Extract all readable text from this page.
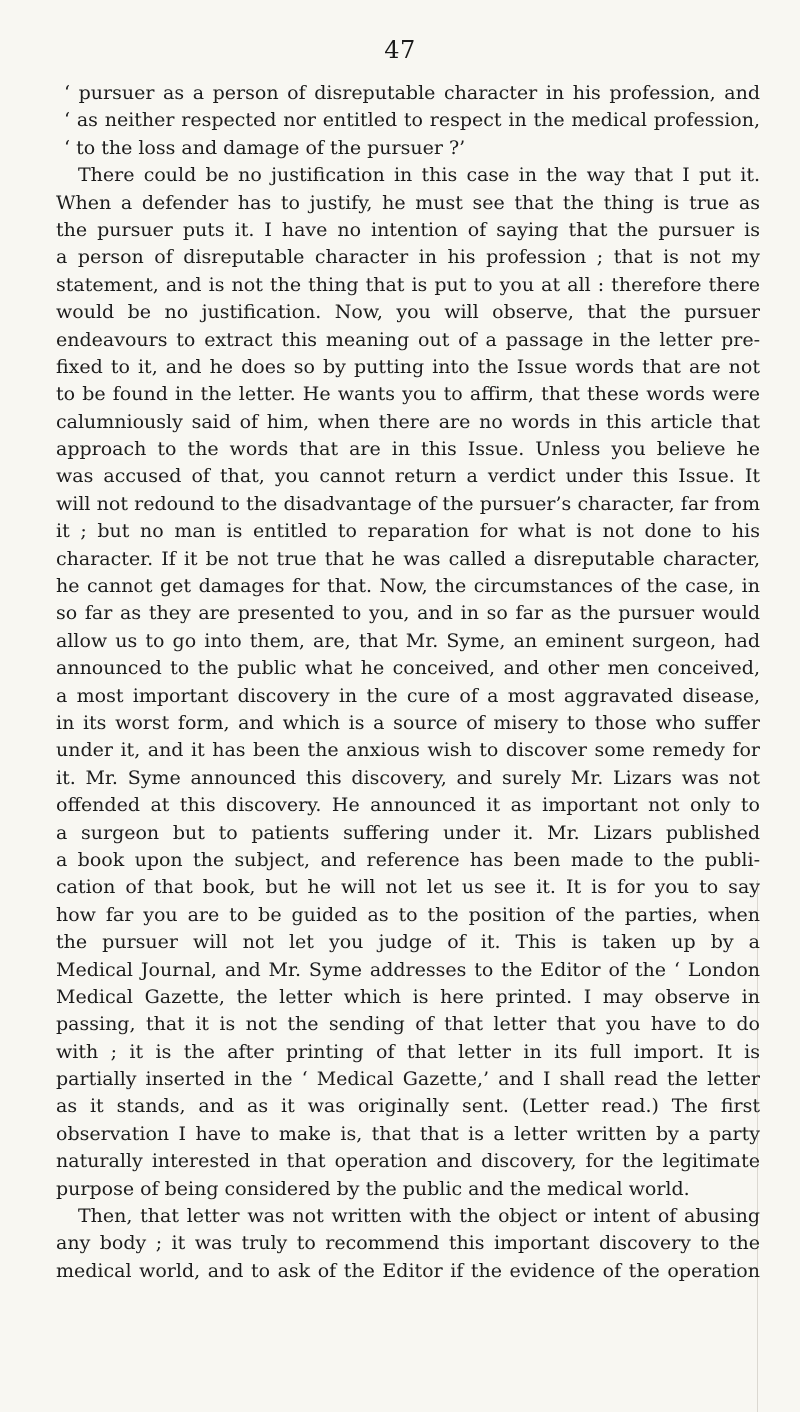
47
‘ pursuer as a person of disreputable character in his profession, and
‘ as neither respected nor entitled to respect in the medical profession,
‘ to the loss and damage of the pursuer ?’
There could be no justification in this case in the way that I put it.
When a defender has to justify, he must see that the thing is true as
the pursuer puts it. I have no intention of saying that the pursuer is
a person of disreputable character in his profession ; that is not my
statement, and is not the thing that is put to you at all : therefore there
would be no justification. Now, you will observe, that the pursuer
endeavours to extract this meaning out of a passage in the letter pre-
fixed to it, and he does so by putting into the Issue words that are not
to be found in the letter. He wants you to affirm, that these words were
calumniously said of him, when there are no words in this article that
approach to the words that are in this Issue. Unless you believe he
was accused of that, you cannot return a verdict under this Issue. It
will not redound to the disadvantage of the pursuer’s character, far from
it ; but no man is entitled to reparation for what is not done to his
character. If it be not true that he was called a disreputable character,
he cannot get damages for that. Now, the circumstances of the case, in
so far as they are presented to you, and in so far as the pursuer would
allow us to go into them, are, that Mr. Syme, an eminent surgeon, had
announced to the public what he conceived, and other men conceived,
a most important discovery in the cure of a most aggravated disease,
in its worst form, and which is a source of misery to those who suffer
under it, and it has been the anxious wish to discover some remedy for
it. Mr. Syme announced this discovery, and surely Mr. Lizars was not
offended at this discovery. He announced it as important not only to
a surgeon but to patients suffering under it. Mr. Lizars published
a book upon the subject, and reference has been made to the publi-
cation of that book, but he will not let us see it. It is for you to say
how far you are to be guided as to the position of the parties, when
the pursuer will not let you judge of it. This is taken up by a
Medical Journal, and Mr. Syme addresses to the Editor of the ‘ London
Medical Gazette, the letter which is here printed. I may observe in
passing, that it is not the sending of that letter that you have to do
with ; it is the after printing of that letter in its full import. It is
partially inserted in the ‘ Medical Gazette,’ and I shall read the letter
as it stands, and as it was originally sent. (Letter read.) The first
observation I have to make is, that that is a letter written by a party
naturally interested in that operation and discovery, for the legitimate
purpose of being considered by the public and the medical world.
Then, that letter was not written with the object or intent of abusing
any body ; it was truly to recommend this important discovery to the
medical world, and to ask of the Editor if the evidence of the operation
